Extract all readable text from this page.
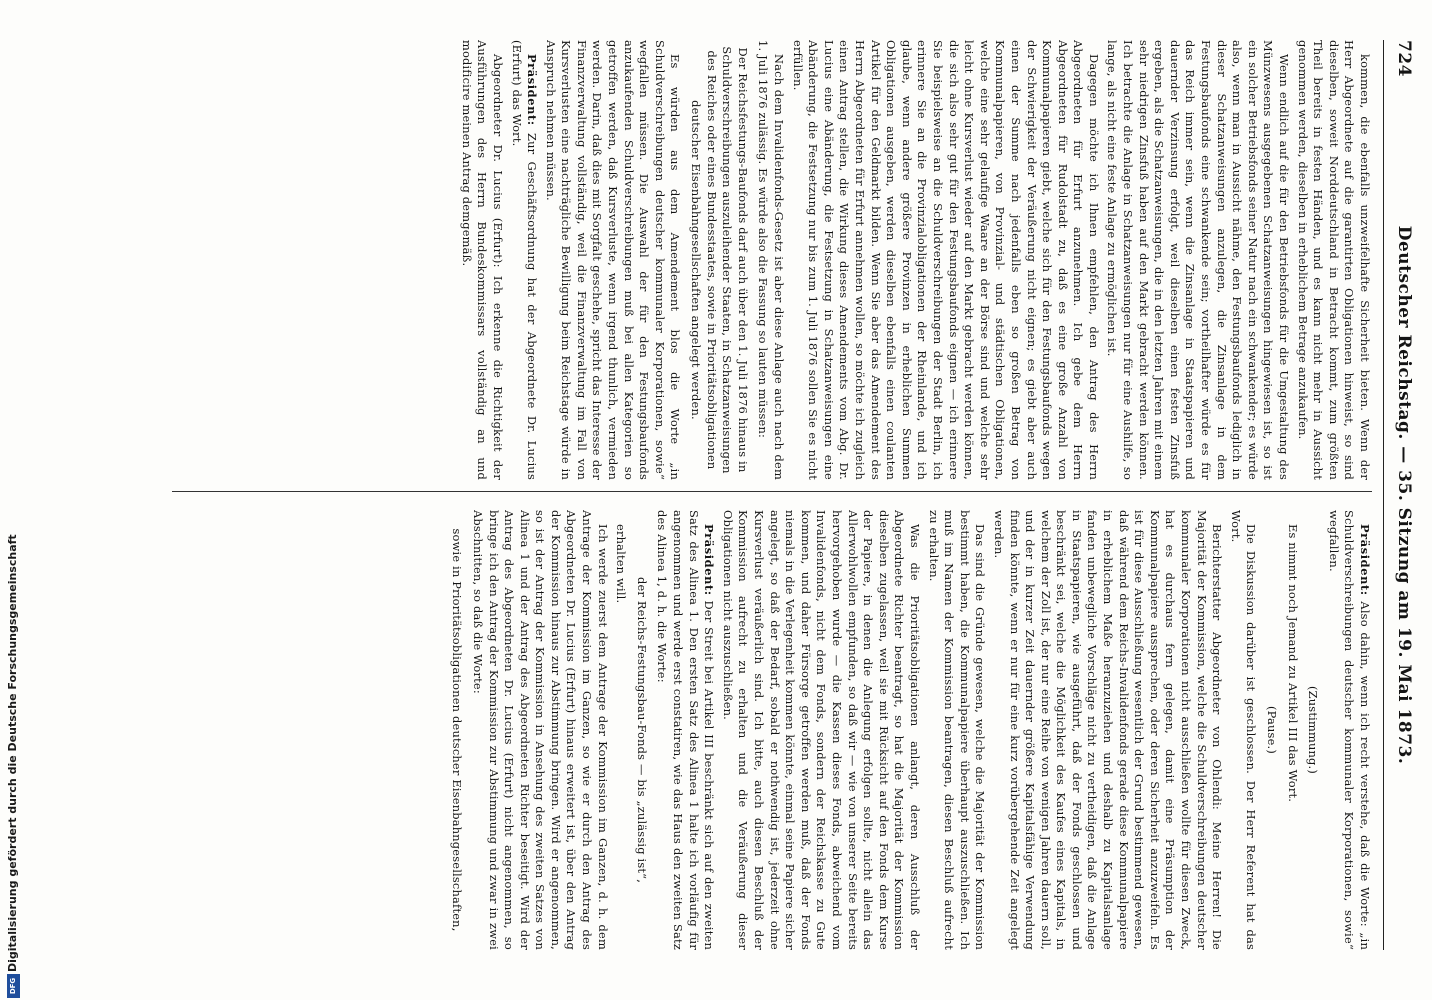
Digitalisierung gefördert durch die Deutsche Forschungsgemeinschaft
DFG
724
Deutscher Reichstag. — 35. Sitzung am 19. Mai 1873.

kommen, die ebenfalls unzweifelhafte Sicherheit bieten. Wenn der Herr Abgeordnete auf die garantirten Obligationen hinweist, so sind dieselben, soweit Norddeutschland in Betracht kommt, zum größten Theil bereits in festen Händen, und es kann nicht mehr in Aussicht genommen werden, dieselben in erheblichem Betrage anzukaufen.

Wenn endlich auf die für den Betriebsfonds für die Umgestaltung des Münzwesens ausgegebenen Schatzanweisungen hingewiesen ist, so ist ein solcher Betriebsfonds seiner Natur nach ein schwankender; es würde also, wenn man in Aussicht nähme, den Festungsbaufonds lediglich in dieser Schatzanweisungen anzulegen, die Zinsanlage in dem Festungsbaufonds eine schwankende sein; vortheilhafter würde es für das Reich immer sein, wenn die Zinsanlage in Staatspapieren und dauernder Verzinsung erfolgt, weil dieselben einen festen Zinsfuß ergeben, als die Schatzanweisungen, die in den letzten Jahren mit einem sehr niedrigen Zinsfuß haben auf den Markt gebracht werden können. Ich betrachte die Anlage in Schatzanweisungen nur für eine Aushilfe, so lange, als nicht eine feste Anlage zu ermöglichen ist.

Dagegen möchte ich Ihnen empfehlen, den Antrag des Herrn Abgeordneten für Erfurt anzunehmen. Ich gebe dem Herrn Abgeordneten für Rudolstadt zu, daß es eine große Anzahl von Kommunalpapieren giebt, welche sich für den Festungsbaufonds wegen der Schwierigkeit der Veräußerung nicht eignen; es giebt aber auch einen der Summe nach jedenfalls eben so großen Betrag von Kommunalpapieren, von Provinzial- und städtischen Obligationen, welche eine sehr gelaufige Waare an der Börse sind und welche sehr leicht ohne Kursverlust wieder auf den Markt gebracht werden können, die sich also sehr gut für den Festungsbaufonds eignen — ich erinnere Sie beispielsweise an die Schuldverschreibungen der Stadt Berlin, ich erinnere Sie an die Provinzialobligationen der Rheinlande, und ich glaube, wenn andere größere Provinzen in erheblichen Summen Obligationen ausgeben, werden dieselben ebenfalls einen coulanten Artikel für den Geldmarkt bilden. Wenn Sie aber das Amendement des Herrn Abgeordneten für Erfurt annehmen wollen, so möchte ich zugleich einen Antrag stellen, die Wirkung dieses Amendements vom Abg. Dr. Lucius eine Abänderung, die Festsetzung in Schatzanweisungen eine Abänderung, die Festsetzung nur bis zum 1. Juli 1876 sollen Sie es nicht erfüllen.

Nach dem Invalidenfonds-Gesetz ist aber diese Anlage auch nach dem 1. Juli 1876 zulässig. Es würde also die Fassung so lauten müssen:

Der Reichsfestungs-Baufonds darf auch über den 1. Juli 1876 hinaus in Schuldverschreibungen auszuleihender Staaten, in Schatzanweisungen des Reiches oder eines Bundesstaates, sowie in Prioritätsobligationen deutscher Eisenbahngesellschaften angelegt werden.

Es würden aus dem Amendement blos die Worte „in Schuldverschreibungen deutscher kommunaler Korporationen, sowie“ wegfallen müssen. Die Auswahl der für den Festungsbaufonds anzukaufenden Schuldverschreibungen muß bei allen Kategorien so getroffen werden, daß Kursverluste, wenn irgend thunlich, vermieden werden. Darin, daß dies mit Sorgfalt geschehe, spricht das Interesse der Finanzverwaltung vollständig, weil die Finanzverwaltung im Fall von Kursverlusten eine nachträgliche Bewilligung beim Reichstage würde in Anspruch nehmen müssen.

Präsident: Zur Geschäftsordnung hat der Abgeordnete Dr. Lucius (Erfurt) das Wort.

Abgeordneter Dr. Lucius (Erfurt): Ich erkenne die Richtigkeit der Ausführungen des Herrn Bundeskommissars vollständig an und modificire meinen Antrag demgemäß.

Präsident: Also dahin, wenn ich recht verstehe, daß die Worte: „in Schuldverschreibungen deutscher kommunaler Korporationen, sowie“ wegfallen.

(Zustimmung.)

Es nimmt noch Jemand zu Artikel III das Wort.

(Pause.)

Die Diskussion darüber ist geschlossen. Der Herr Referent hat das Wort.

Berichterstatter Abgeordneter von Ohlendi: Meine Herren! Die Majorität der Kommission, welche die Schuldverschreibungen deutscher kommunaler Korporationen nicht ausschließen wollte für diesen Zweck, hat es durchaus fern gelegen, damit eine Präsumption der Kommunalpapiere aussprechen, oder deren Sicherheit anzuzweifeln. Es ist für diese Ausschließung wesentlich der Grund bestimmend gewesen, daß während dem Reichs-Invalidenfonds gerade diese Kommunalpapiere in erheblichem Maße heranzuziehen und deshalb zu Kapitalsanlage fanden unbewegliche Vorschläge nicht zu vertheidigen, daß die Anlage in Staatspapieren, wie ausgeführt, daß der Fonds geschlossen und beschränkt sei, welche die Möglichkeit des Kaufes eines Kapitals, in welchem der Zoll ist, der nur eine Reihe von wenigen Jahren dauern soll, und der in kurzer Zeit dauernder größere Kapitalsfähige Verwendung finden könnte, wenn er nur für eine kurz vorübergehende Zeit angelegt werden.

Das sind die Gründe gewesen, welche die Majorität der Kommission bestimmt haben, die Kommunalpapiere überhaupt auszuschließen. Ich muß im Namen der Kommission beantragen, diesen Beschluß aufrecht zu erhalten.

Was die Prioritätsobligationen anlangt, deren Ausschluß der Abgeordnete Richter beantragt, so hat die Majorität der Kommission dieselben zugelassen, weil sie mit Rücksicht auf den Fonds dem Kurse der Papiere, in denen die Anlegung erfolgen sollte, nicht allein das Allerwohlwollen empfunden, so daß wir — wie von unserer Seite bereits hervorgehoben wurde — die Kassen dieses Fonds, abweichend vom Invalidenfonds, nicht dem Fonds, sondern der Reichskasse zu Gute kommen, und daher Fürsorge getroffen werden muß, daß der Fonds niemals in die Verlegenheit kommen könnte, einmal seine Papiere sicher angelegt, so daß der Bedarf, sobald er nothwendig ist, jederzeit ohne Kursverlust veräußerlich sind. Ich bitte, auch diesen Beschluß der Kommission aufrecht zu erhalten und die Veräußerung dieser Obligationen nicht auszuschließen.

Präsident: Der Streit bei Artikel III beschränkt sich auf den zweiten Satz des Alinea 1. Den ersten Satz des Alinea 1 halte ich vorläufig für angenommen und werde erst constatiren, wie das Haus den zweiten Satz des Alinea 1, d. h. die Worte:

der Reichs-Festungsbau-Fonds — bis „zulässig ist“,

erhalten will.

Ich werde zuerst dem Antrage der Kommission im Ganzen, d. h. dem Antrage der Kommission im Ganzen, so wie er durch den Antrag des Abgeordneten Dr. Lucius (Erfurt) hinaus erweitert ist, über den Antrag der Kommission hinaus zur Abstimmung bringen. Wird er angenommen, so ist der Antrag der Kommission in Ansehung des zweiten Satzes von Alinea 1 und der Antrag des Abgeordneten Richter beseitigt. Wird der Antrag des Abgeordneten Dr. Lucius (Erfurt) nicht angenommen, so bringe ich den Antrag der Kommission zur Abstimmung und zwar in zwei Abschnitten, so daß die Worte:

sowie in Prioritätsobligationen deutscher Eisenbahngesellschaften,
